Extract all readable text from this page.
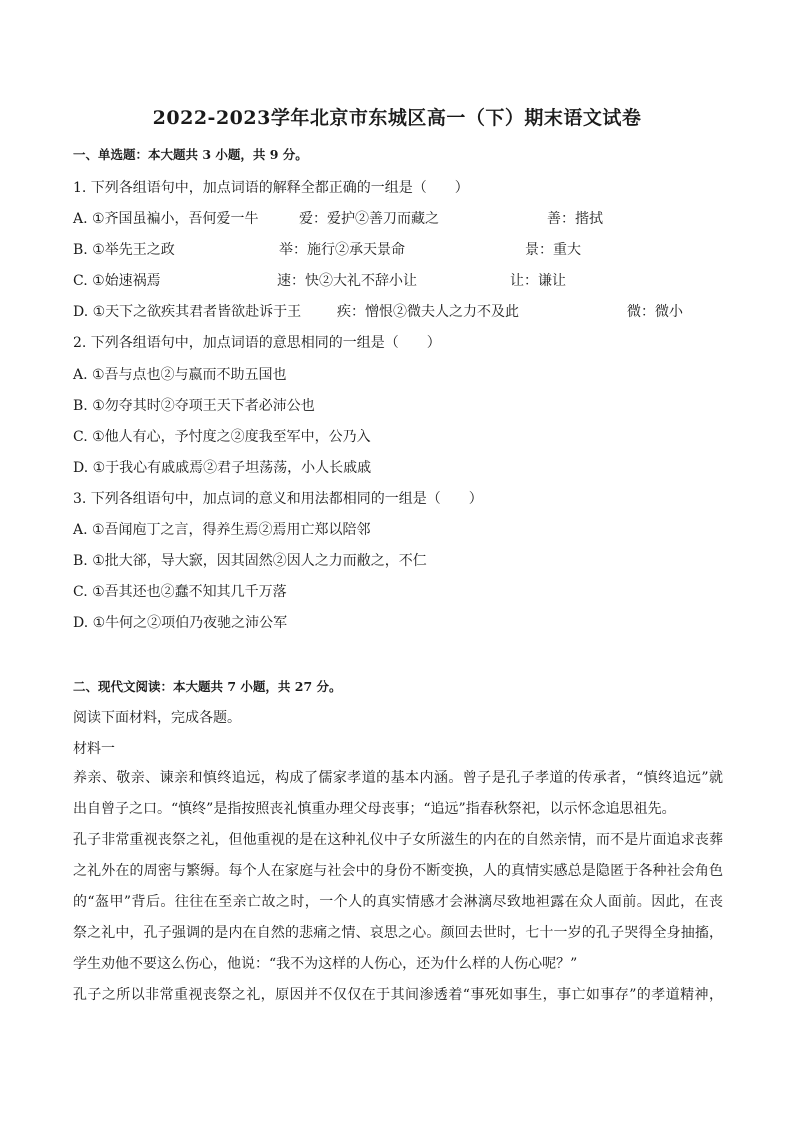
2022-2023学年北京市东城区高一（下）期末语文试卷
一、单选题：本大题共 3 小题，共 9 分。
1. 下列各组语句中，加点词语的解释全都正确的一组是（　　）
A. ①齐国虽褊小，吾何爱一牛	爱：爱护②善刀而藏之	善：揩拭
B. ①举先王之政	举：施行②承天景命	景：重大
C. ①始速祸焉	速：快②大礼不辞小让	让：谦让
D. ①天下之欲疾其君者皆欲赴诉于王	疾：憎恨②微夫人之力不及此	微：微小
2. 下列各组语句中，加点词语的意思相同的一组是（　　）
A. ①吾与点也②与嬴而不助五国也
B. ①勿夺其时②夺项王天下者必沛公也
C. ①他人有心，予忖度之②度我至军中，公乃入
D. ①于我心有戚戚焉②君子坦荡荡，小人长戚戚
3. 下列各组语句中，加点词的意义和用法都相同的一组是（　　）
A. ①吾闻庖丁之言，得养生焉②焉用亡郑以陪邻
B. ①批大郤，导大窾，因其固然②因人之力而敝之，不仁
C. ①吾其还也②蠢不知其几千万落
D. ①牛何之②项伯乃夜驰之沛公军
二、现代文阅读：本大题共 7 小题，共 27 分。
阅读下面材料，完成各题。
材料一
养亲、敬亲、谏亲和慎终追远，构成了儒家孝道的基本内涵。曾子是孔子孝道的传承者，“慎终追远”就
出自曾子之口。“慎终”是指按照丧礼慎重办理父母丧事；“追远”指春秋祭祀，以示怀念追思祖先。
孔子非常重视丧祭之礼，但他重视的是在这种礼仪中子女所滋生的内在的自然亲情，而不是片面追求丧葬
之礼外在的周密与繁缛。每个人在家庭与社会中的身份不断变换，人的真情实感总是隐匿于各种社会角色
的“盔甲”背后。往往在至亲亡故之时，一个人的真实情感才会淋漓尽致地袒露在众人面前。因此，在丧
祭之礼中，孔子强调的是内在自然的悲痛之情、哀思之心。颜回去世时，七十一岁的孔子哭得全身抽搐，
学生劝他不要这么伤心，他说：“我不为这样的人伤心，还为什么样的人伤心呢？”
孔子之所以非常重视丧祭之礼，原因并不仅仅在于其间渗透着“事死如事生，事亡如事存”的孝道精神，
